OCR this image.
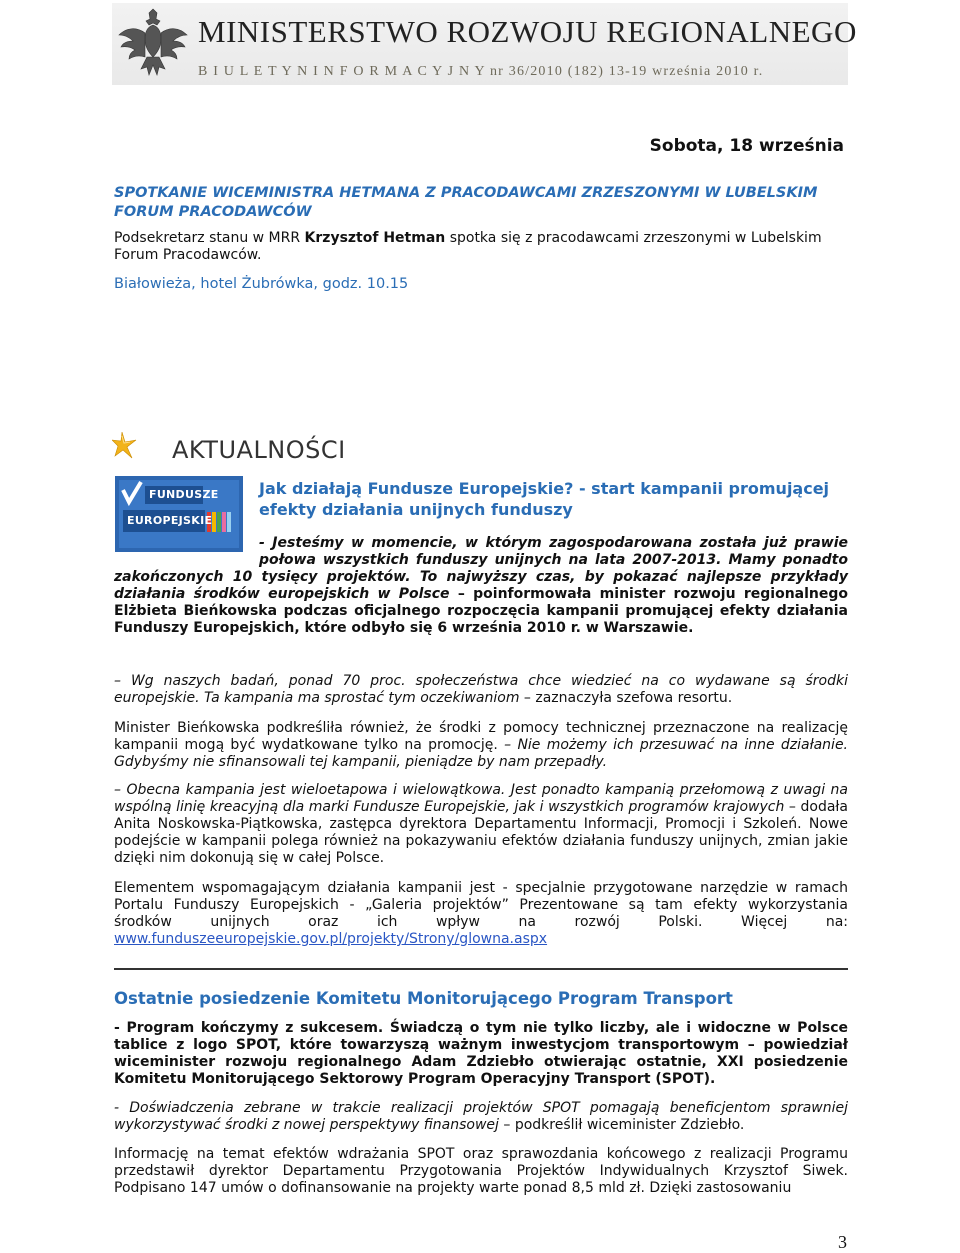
MINISTERSTWO ROZWOJU REGIONALNEGO
B I U L E T Y N I N F O R M A C Y J N Y nr 36/2010 (182) 13-19 września 2010 r.
Sobota, 18 września
SPOTKANIE WICEMINISTRA HETMANA Z PRACODAWCAMI ZRZESZONYMI W LUBELSKIM FORUM PRACODAWCÓW
Podsekretarz stanu w MRR Krzysztof Hetman spotka się z pracodawcami zrzeszonymi w Lubelskim Forum Pracodawców.
Białowieża, hotel Żubrówka, godz. 10.15
AKTUALNOŚCI
FUNDUSZE
EUROPEJSKIE
Jak działają Fundusze Europejskie? - start kampanii promującej efekty działania unijnych funduszy
- Jesteśmy w momencie, w którym zagospodarowana została już prawie połowa wszystkich funduszy unijnych na lata 2007-2013. Mamy ponadto zakończonych 10 tysięcy projektów. To najwyższy czas, by pokazać najlepsze przykłady działania środków europejskich w Polsce – poinformowała minister rozwoju regionalnego Elżbieta Bieńkowska podczas oficjalnego rozpoczęcia kampanii promującej efekty działania Funduszy Europejskich, które odbyło się 6 września 2010 r. w Warszawie.
– Wg naszych badań, ponad 70 proc. społeczeństwa chce wiedzieć na co wydawane są środki europejskie. Ta kampania ma sprostać tym oczekiwaniom – zaznaczyła szefowa resortu.
Minister Bieńkowska podkreśliła również, że środki z pomocy technicznej przeznaczone na realizację kampanii mogą być wydatkowane tylko na promocję. – Nie możemy ich przesuwać na inne działanie. Gdybyśmy nie sfinansowali tej kampanii, pieniądze by nam przepadły.
– Obecna kampania jest wieloetapowa i wielowątkowa. Jest ponadto kampanią przełomową z uwagi na wspólną linię kreacyjną dla marki Fundusze Europejskie, jak i wszystkich programów krajowych – dodała Anita Noskowska-Piątkowska, zastępca dyrektora Departamentu Informacji, Promocji i Szkoleń. Nowe podejście w kampanii polega również na pokazywaniu efektów działania funduszy unijnych, zmian jakie dzięki nim dokonują się w całej Polsce.
Elementem wspomagającym działania kampanii jest - specjalnie przygotowane narzędzie w ramach Portalu Funduszy Europejskich - „Galeria projektów” Prezentowane są tam efekty wykorzystania środków unijnych oraz ich wpływ na rozwój Polski. Więcej na: www.funduszeeuropejskie.gov.pl/projekty/Strony/glowna.aspx
Ostatnie posiedzenie Komitetu Monitorującego Program Transport
- Program kończymy z sukcesem. Świadczą o tym nie tylko liczby, ale i widoczne w Polsce tablice z logo SPOT, które towarzyszą ważnym inwestycjom transportowym – powiedział wiceminister rozwoju regionalnego Adam Zdziebło otwierając ostatnie, XXI posiedzenie Komitetu Monitorującego Sektorowy Program Operacyjny Transport (SPOT).
- Doświadczenia zebrane w trakcie realizacji projektów SPOT pomagają beneficjentom sprawniej wykorzystywać środki z nowej perspektywy finansowej – podkreślił wiceminister Zdziebło.
Informację na temat efektów wdrażania SPOT oraz sprawozdania końcowego z realizacji Programu przedstawił dyrektor Departamentu Przygotowania Projektów Indywidualnych Krzysztof Siwek. Podpisano 147 umów o dofinansowanie na projekty warte ponad 8,5 mld zł. Dzięki zastosowaniu
3
